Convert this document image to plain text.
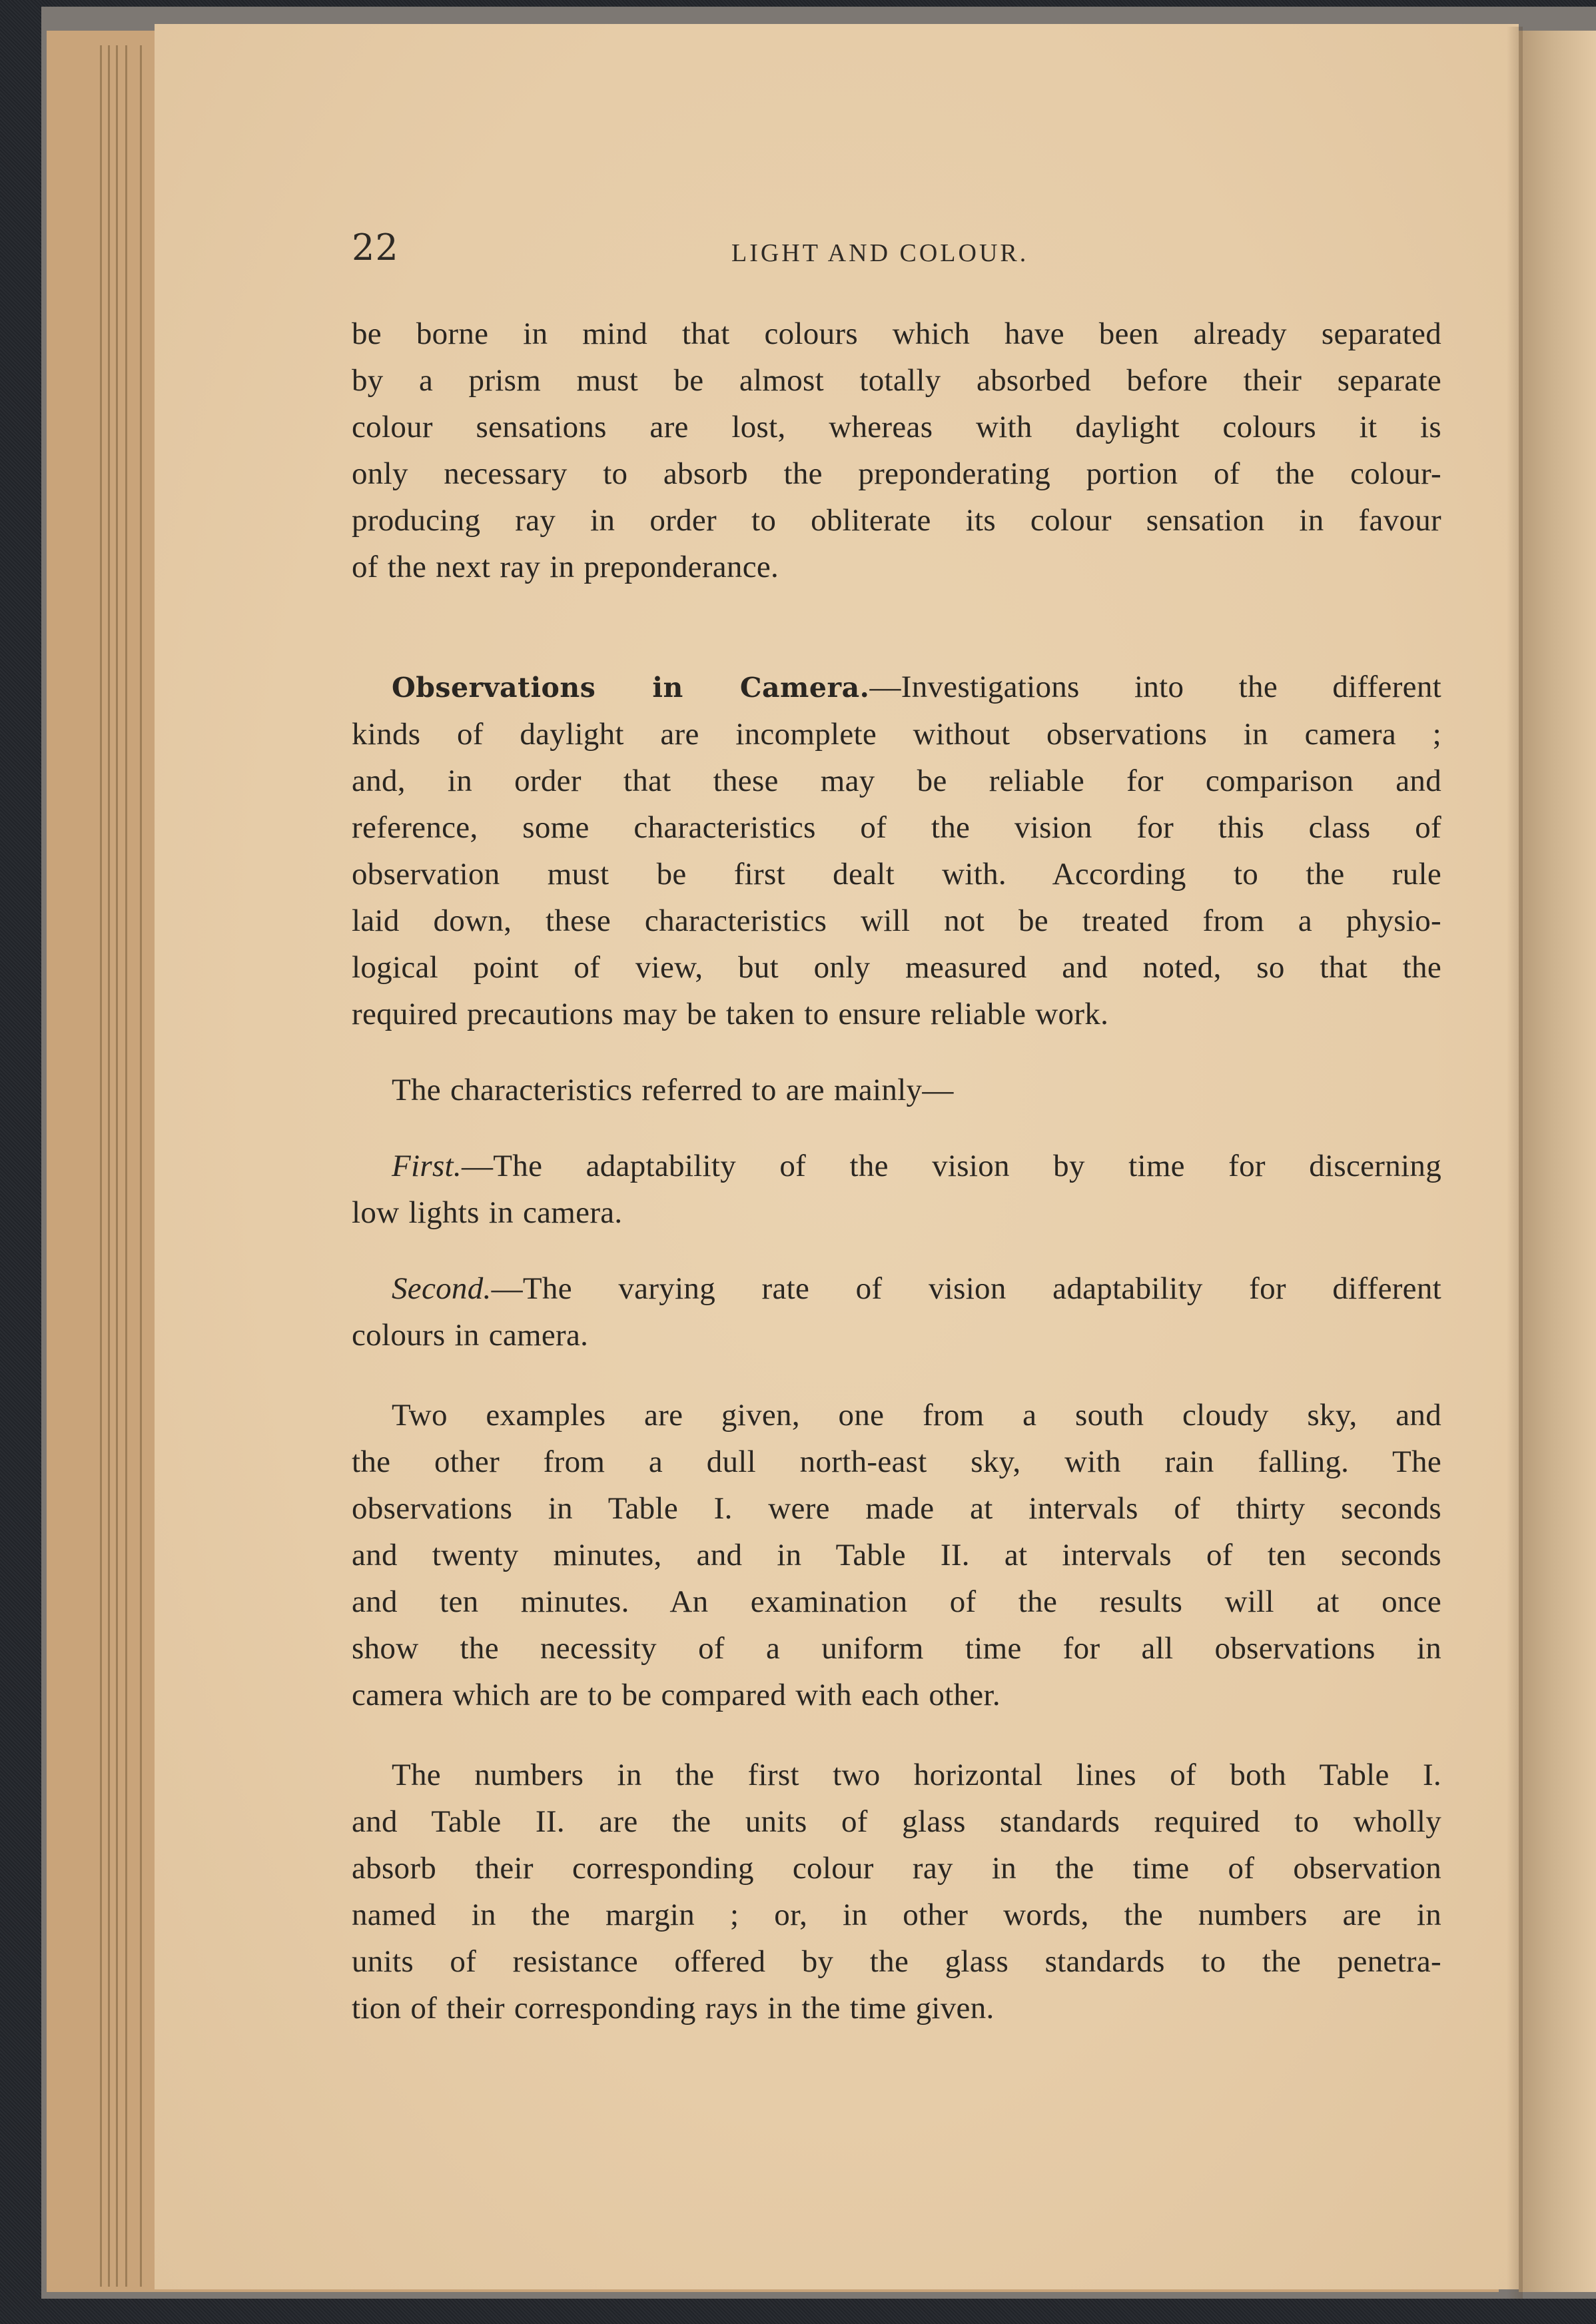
22	LIGHT AND COLOUR.

be borne in mind that colours which have been already separated
by a prism must be almost totally absorbed before their separate
colour sensations are lost, whereas with daylight colours it is
only necessary to absorb the preponderating portion of the colour-
producing ray in order to obliterate its colour sensation in favour
of the next ray in preponderance.

Observations in Camera.—Investigations into the different
kinds of daylight are incomplete without observations in camera ;
and, in order that these may be reliable for comparison and
reference, some characteristics of the vision for this class of
observation must be first dealt with. According to the rule
laid down, these characteristics will not be treated from a physio-
logical point of view, but only measured and noted, so that the
required precautions may be taken to ensure reliable work.

The characteristics referred to are mainly—

First.—The adaptability of the vision by time for discerning
low lights in camera.

Second.—The varying rate of vision adaptability for different
colours in camera.

Two examples are given, one from a south cloudy sky, and
the other from a dull north-east sky, with rain falling. The
observations in Table I. were made at intervals of thirty seconds
and twenty minutes, and in Table II. at intervals of ten seconds
and ten minutes. An examination of the results will at once
show the necessity of a uniform time for all observations in
camera which are to be compared with each other.

The numbers in the first two horizontal lines of both Table I.
and Table II. are the units of glass standards required to wholly
absorb their corresponding colour ray in the time of observation
named in the margin ; or, in other words, the numbers are in
units of resistance offered by the glass standards to the penetra-
tion of their corresponding rays in the time given.
